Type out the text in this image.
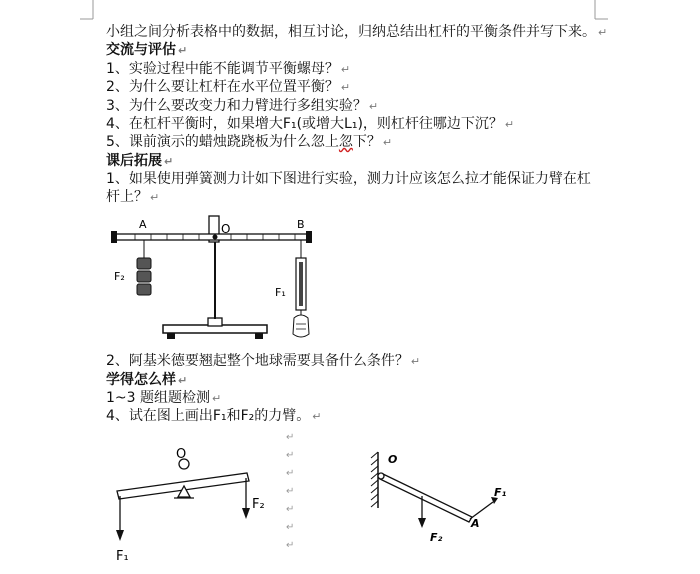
小组之间分析表格中的数据，相互讨论，归纳总结出杠杆的平衡条件并写下来。 ↵
交流与评估 ↵
1、实验过程中能不能调节平衡螺母？ ↵
2、为什么要让杠杆在水平位置平衡？ ↵
3、为什么要改变力和力臂进行多组实验？ ↵
4、在杠杆平衡时，如果增大F₁(或增大L₁)，则杠杆往哪边下沉？ ↵
5、课前演示的蜡烛跷跷板为什么忽上忽下？ ↵
课后拓展 ↵
1、如果使用弹簧测力计如下图进行实验，测力计应该怎么拉才能保证力臂在杠
杆上？ ↵
A	O	B
F₂
F₁
2、阿基米德要翘起整个地球需要具备什么条件？ ↵
学得怎么样 ↵
1~3 题组题检测 ↵
4、试在图上画出F₁和F₂的力臂。 ↵
↵
↵
↵
↵
↵
↵
↵
O
F₁
F₂
O
F₁
F₂
A
